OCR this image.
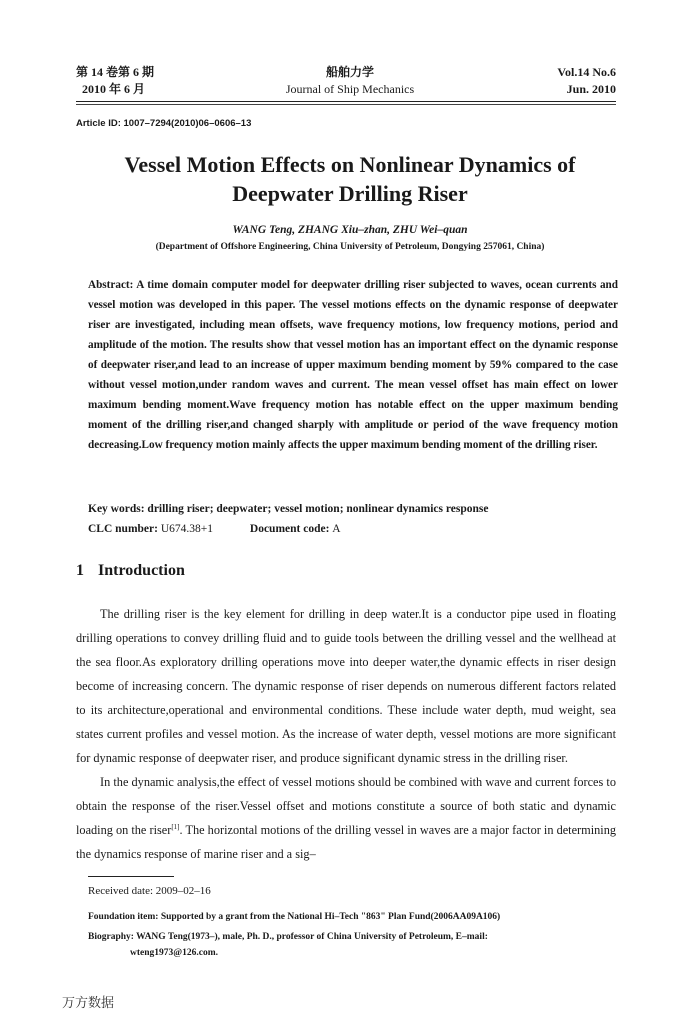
第 14 卷第 6 期
2010 年 6 月
船舶力学
Journal of Ship Mechanics
Vol.14 No.6
Jun. 2010
Article ID: 1007–7294(2010)06–0606–13
Vessel Motion Effects on Nonlinear Dynamics of
Deepwater Drilling Riser
WANG Teng, ZHANG Xiu–zhan, ZHU Wei–quan
(Department of Offshore Engineering, China University of Petroleum, Dongying 257061, China)
Abstract: A time domain computer model for deepwater drilling riser subjected to waves, ocean currents and vessel motion was developed in this paper. The vessel motions effects on the dynamic response of deepwater riser are investigated, including mean offsets, wave frequency motions, low frequency motions, period and amplitude of the motion. The results show that vessel motion has an important effect on the dynamic response of deepwater riser,and lead to an increase of upper maximum bending moment by 59% compared to the case without vessel motion,under random waves and current. The mean vessel offset has main effect on lower maximum bending moment.Wave frequency motion has notable effect on the upper maximum bending moment of the drilling riser,and changed sharply with amplitude or period of the wave frequency motion decreasing.Low frequency motion mainly affects the upper maximum bending moment of the drilling riser.
Key words: drilling riser; deepwater; vessel motion; nonlinear dynamics response
CLC number: U674.38+1	Document code: A
1 Introduction

The drilling riser is the key element for drilling in deep water.It is a conductor pipe used in floating drilling operations to convey drilling fluid and to guide tools between the drilling vessel and the wellhead at the sea floor.As exploratory drilling operations move into deeper water,the dynamic effects in riser design become of increasing concern. The dynamic response of riser depends on numerous different factors related to its architecture,operational and environmental conditions. These include water depth, mud weight, sea states current profiles and vessel motion. As the increase of water depth, vessel motions are more significant for dynamic response of deepwater riser, and produce significant dynamic stress in the drilling riser.

In the dynamic analysis,the effect of vessel motions should be combined with wave and current forces to obtain the response of the riser.Vessel offset and motions constitute a source of both static and dynamic loading on the riser[1]. The horizontal motions of the drilling vessel in waves are a major factor in determining the dynamics response of marine riser and a sig–

Received date: 2009–02–16
Foundation item: Supported by a grant from the National Hi–Tech "863" Plan Fund(2006AA09A106)
Biography: WANG Teng(1973–), male, Ph. D., professor of China University of Petroleum, E–mail:
wteng1973@126.com.
万方数据
